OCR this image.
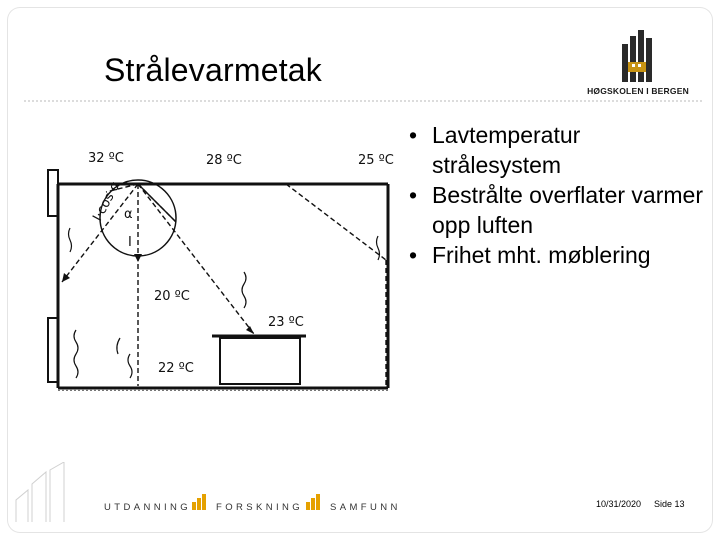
Strålevarmetak
HØGSKOLEN I BERGEN
32 ºC	28 ºC	25 ºC
20 ºC
23 ºC
22 ºC
I·cos α α
I
• Lavtemperatur strålesystem
• Bestrålte overflater varmer opp luften
• Frihet mht. møblering
UTDANNING	FORSKNING	SAMFUNN	10/31/2020 Side 13
